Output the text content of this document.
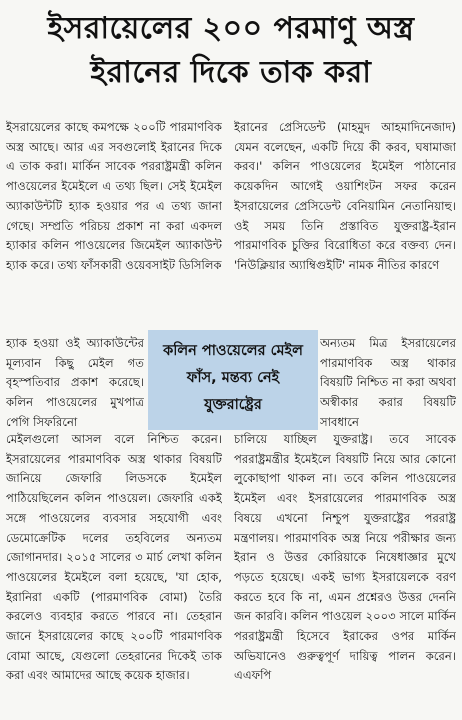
ইসরায়েলের ২০০ পরমাণু অস্ত্র
ইরানের দিকে তাক করা

ইসরায়েলের কাছে কমপক্ষে ২০০টি পারমাণবিক অস্ত্র আছে। আর এর সবগুলোই ইরানের দিকে এ তাক করা। মার্কিন সাবেক পররাষ্ট্রমন্ত্রী কলিন পাওয়েলের ইমেইলে এ তথ্য ছিল। সেই ইমেইল অ্যাকাউন্টটি হ্যাক হওয়ার পর এ তথ্য জানা গেছে। সম্প্রতি পরিচয় প্রকাশ না করা একদল হ্যাকার কলিন পাওয়েলের জিমেইল অ্যাকাউন্ট হ্যাক করে। তথ্য ফাঁসকারী ওয়েবসাইট ডিসিলিক

হ্যাক হওয়া ওই অ্যাকাউন্টের মূল্যবান কিছু মেইল গত বৃহস্পতিবার প্রকাশ করেছে। কলিন পাওয়েলের মুখপাত্র পেগি সিফরিনো

মেইলগুলো আসল বলে নিশ্চিত করেন। ইসরায়েলের পারমাণবিক অস্ত্র থাকার বিষয়টি জানিয়ে জেফারি লিডসকে ইমেইল পাঠিয়েছিলেন কলিন পাওয়েল। জেফারি একই সঙ্গে পাওয়েলের ব্যবসার সহযোগী এবং ডেমোক্রেটিক দলের তহবিলের অন্যতম জোগানদার। ২০১৫ সালের ৩ মার্চ লেখা কলিন পাওয়েলের ইমেইলে বলা হয়েছে, 'যা হোক, ইরানিরা একটি (পারমাণবিক বোমা) তৈরি করলেও ব্যবহার করতে পারবে না। তেহরান জানে ইসরায়েলের কাছে ২০০টি পারমাণবিক বোমা আছে, যেগুলো তেহরানের দিকেই তাক করা এবং আমাদের আছে কয়েক হাজার।

কলিন পাওয়েলের মেইল ফাঁস, মন্তব্য নেই যুক্তরাষ্ট্রের

ইরানের প্রেসিডেন্ট (মাহমুদ আহমাদিনেজাদ) যেমন বলেছেন, একটি দিয়ে কী করব, ঘষামাজা করব।' কলিন পাওয়েলের ইমেইল পাঠানোর কয়েকদিন আগেই ওয়াশিংটন সফর করেন ইসরায়েলের প্রেসিডেন্ট বেনিয়ামিন নেতানিয়াহু। ওই সময় তিনি প্রস্তাবিত যুক্তরাষ্ট্র-ইরান পারমাণবিক চুক্তির বিরোধিতা করে বক্তব্য দেন। 'নিউক্লিয়ার অ্যাম্বিগুইটি' নামক নীতির কারণে

অন্যতম মিত্র ইসরায়েলের পারমাণবিক অস্ত্র থাকার বিষয়টি নিশ্চিত না করা অথবা অস্বীকার করার বিষয়টি সাবধানে

চালিয়ে যাচ্ছিল যুক্তরাষ্ট্র। তবে সাবেক পররাষ্ট্রমন্ত্রীর ইমেইলে বিষয়টি নিয়ে আর কোনো লুকোছাপা থাকল না। তবে কলিন পাওয়েলের ইমেইল এবং ইসরায়েলের পারমাণবিক অস্ত্র বিষয়ে এখনো নিশ্চুপ যুক্তরাষ্ট্রের পররাষ্ট্র মন্ত্রণালয়। পারমাণবিক অস্ত্র নিয়ে পরীক্ষার জন্য ইরান ও উত্তর কোরিয়াকে নিষেধাজ্ঞার মুখে পড়তে হয়েছে। একই ভাগ্য ইসরায়েলকে বরণ করতে হবে কি না, এমন প্রশ্নেরও উত্তর দেননি জন কারবি। কলিন পাওয়েল ২০০৩ সালে মার্কিন পররাষ্ট্রমন্ত্রী হিসেবে ইরাকের ওপর মার্কিন অভিযানেও গুরুত্বপূর্ণ দায়িত্ব পালন করেন। এএফপি
